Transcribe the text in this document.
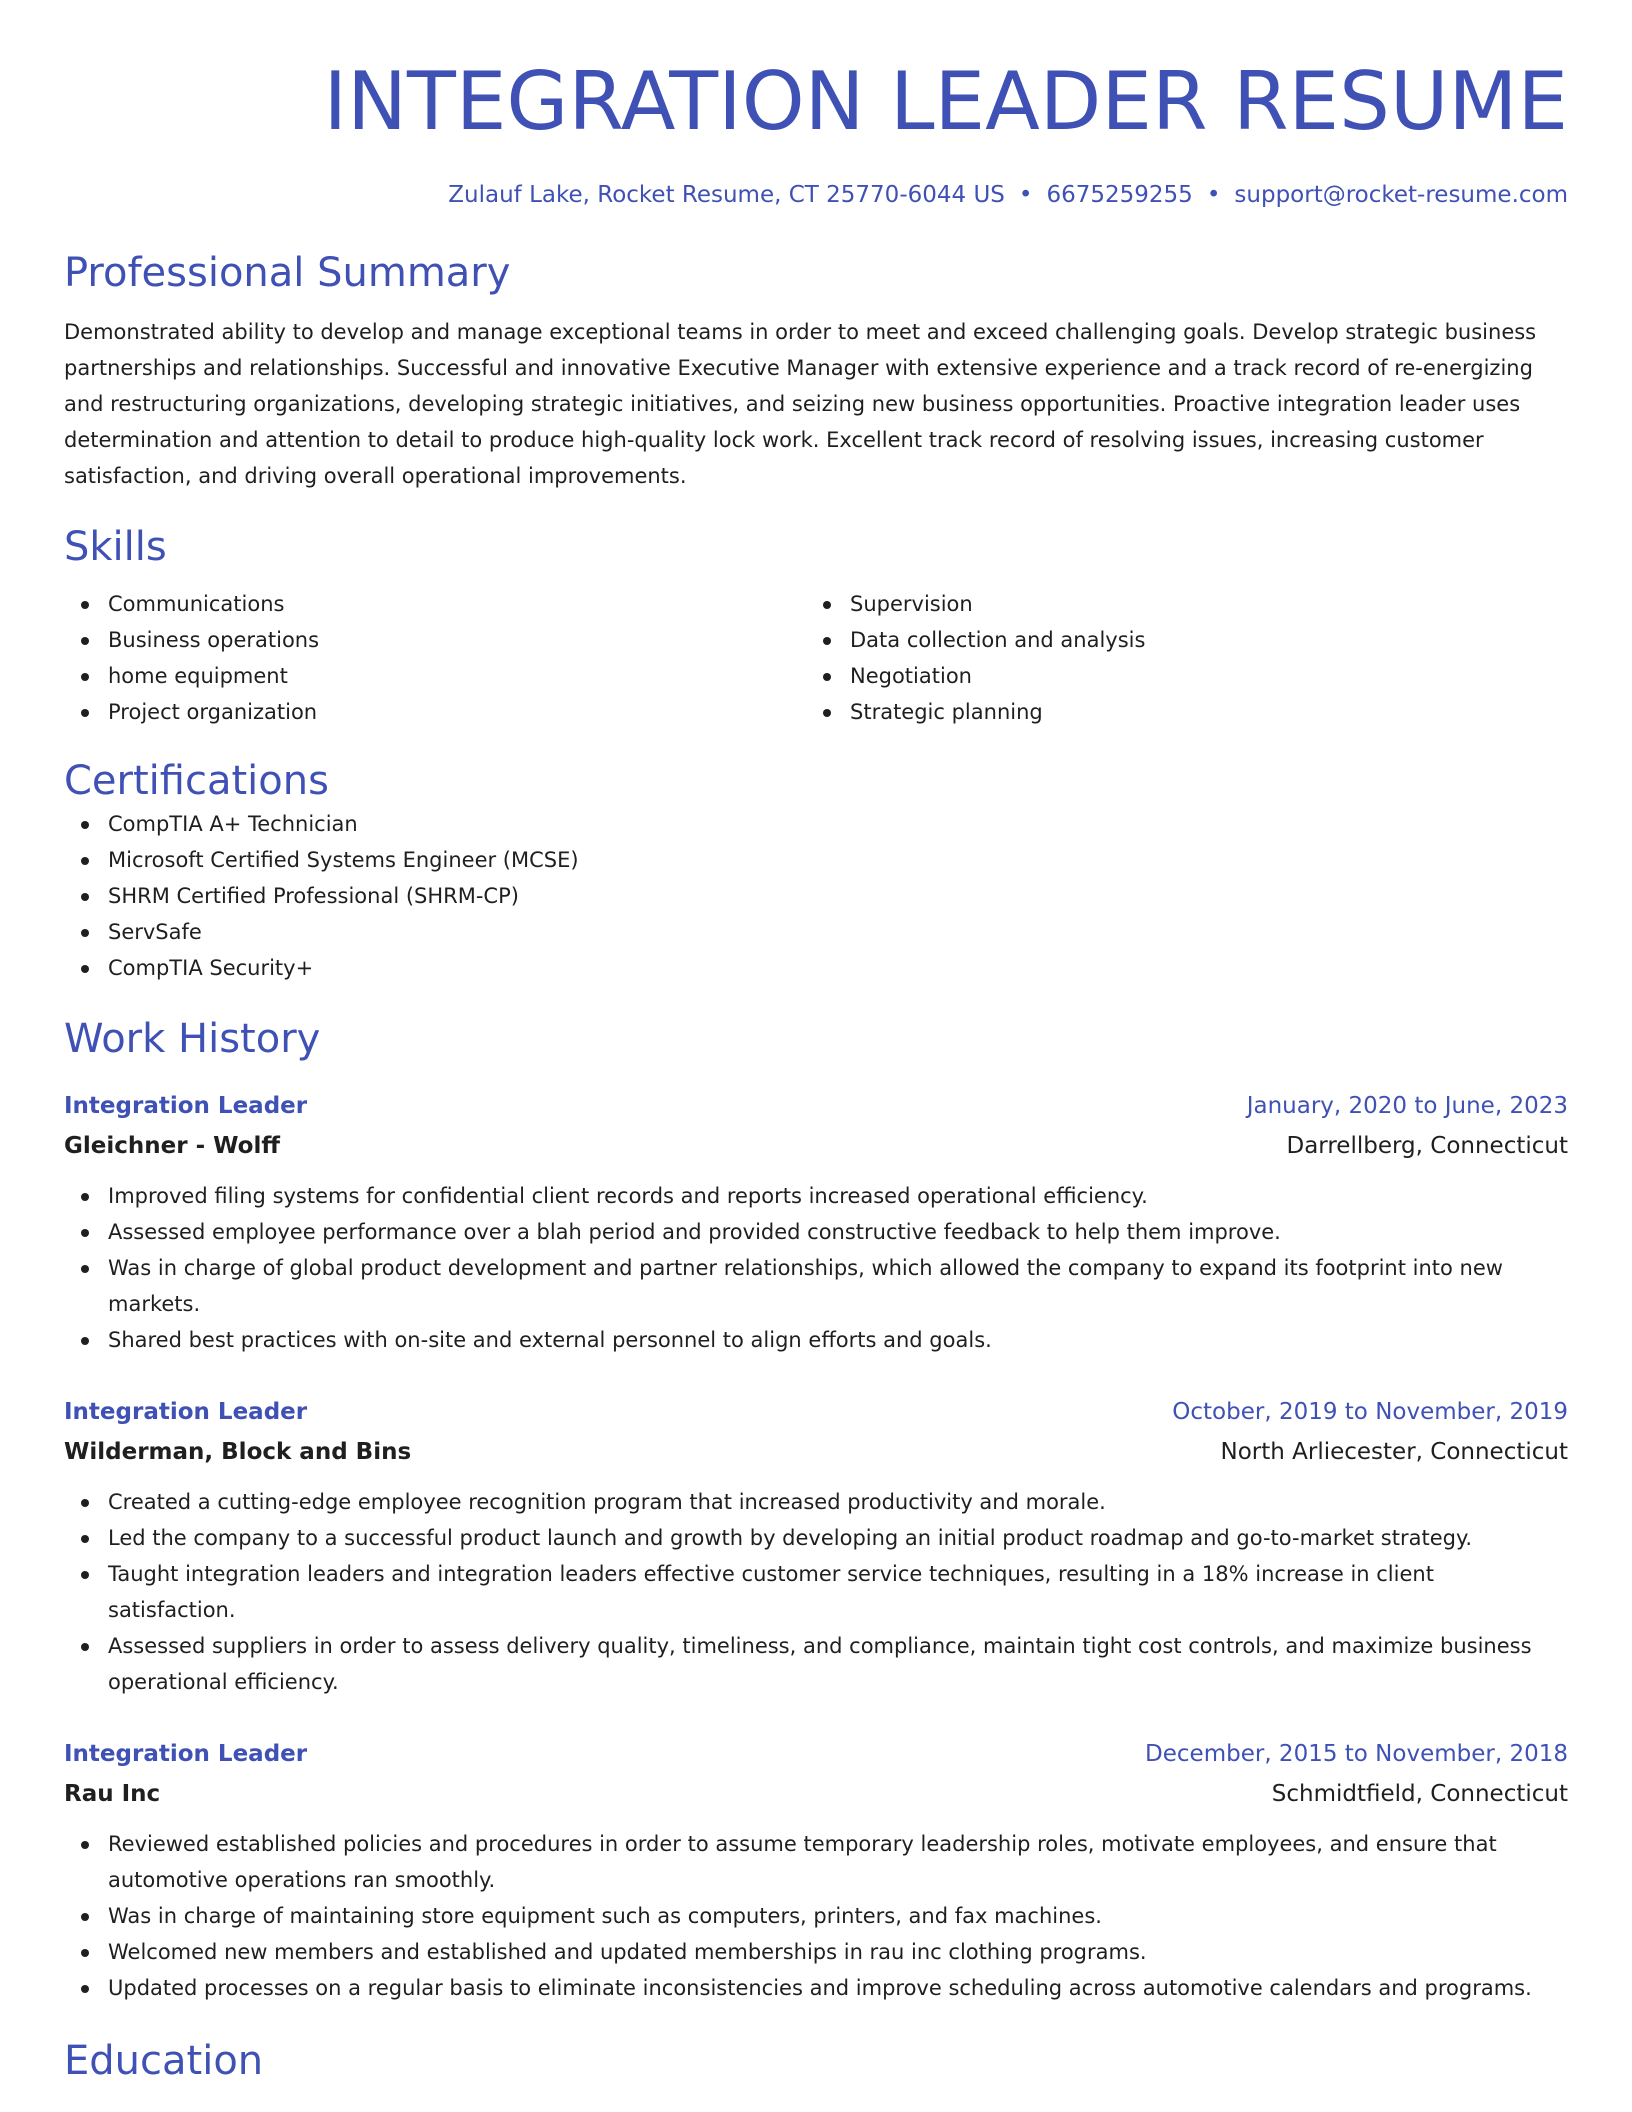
INTEGRATION LEADER RESUME
Zulauf Lake, Rocket Resume, CT 25770-6044 US • 6675259255 • support@rocket-resume.com
Professional Summary
Demonstrated ability to develop and manage exceptional teams in order to meet and exceed challenging goals. Develop strategic business partnerships and relationships. Successful and innovative Executive Manager with extensive experience and a track record of re-energizing and restructuring organizations, developing strategic initiatives, and seizing new business opportunities. Proactive integration leader uses determination and attention to detail to produce high-quality lock work. Excellent track record of resolving issues, increasing customer satisfaction, and driving overall operational improvements.
Skills
Communications
Business operations
home equipment
Project organization
Supervision
Data collection and analysis
Negotiation
Strategic planning
Certifications
CompTIA A+ Technician
Microsoft Certified Systems Engineer (MCSE)
SHRM Certified Professional (SHRM-CP)
ServSafe
CompTIA Security+
Work History
Integration Leader	January, 2020 to June, 2023
Gleichner - Wolff	Darrellberg, Connecticut
Improved filing systems for confidential client records and reports increased operational efficiency.
Assessed employee performance over a blah period and provided constructive feedback to help them improve.
Was in charge of global product development and partner relationships, which allowed the company to expand its footprint into new markets.
Shared best practices with on-site and external personnel to align efforts and goals.
Integration Leader	October, 2019 to November, 2019
Wilderman, Block and Bins	North Arliecester, Connecticut
Created a cutting-edge employee recognition program that increased productivity and morale.
Led the company to a successful product launch and growth by developing an initial product roadmap and go-to-market strategy.
Taught integration leaders and integration leaders effective customer service techniques, resulting in a 18% increase in client satisfaction.
Assessed suppliers in order to assess delivery quality, timeliness, and compliance, maintain tight cost controls, and maximize business operational efficiency.
Integration Leader	December, 2015 to November, 2018
Rau Inc	Schmidtfield, Connecticut
Reviewed established policies and procedures in order to assume temporary leadership roles, motivate employees, and ensure that automotive operations ran smoothly.
Was in charge of maintaining store equipment such as computers, printers, and fax machines.
Welcomed new members and established and updated memberships in rau inc clothing programs.
Updated processes on a regular basis to eliminate inconsistencies and improve scheduling across automotive calendars and programs.
Education
